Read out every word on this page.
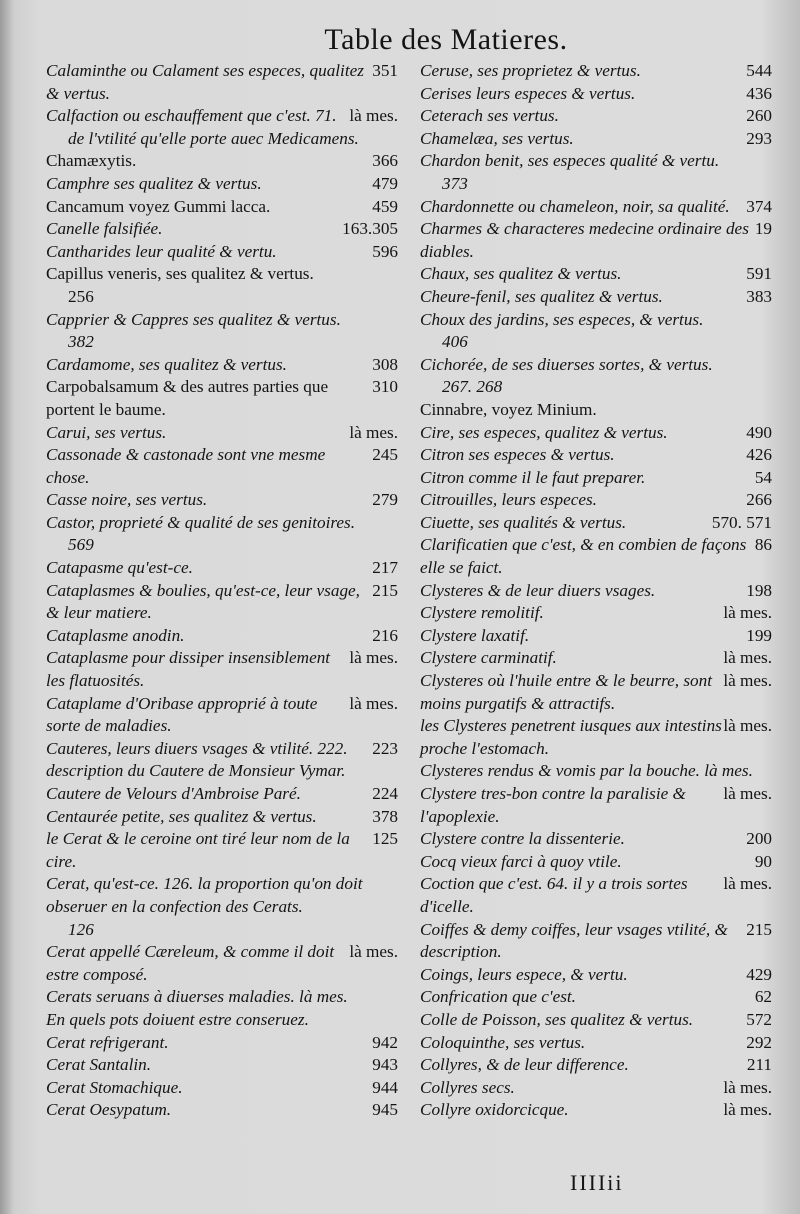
Table des Matieres.
351
Calaminthe ou Calament ses especes, qualitez & vertus.
là mes.
Calfaction ou eschauffement que c'est. 71.
de l'vtilité qu'elle porte auec Medicamens.
366
Chamæxytis.
479
Camphre ses qualitez & vertus.
459
Cancamum voyez Gummi lacca.
163.305
Canelle falsifiée.
596
Cantharides leur qualité & vertu.
Capillus veneris, ses qualitez & vertus.
256
Capprier & Cappres ses qualitez & vertus.
382
308
Cardamome, ses qualitez & vertus.
310
Carpobalsamum & des autres parties que portent le baume.
là mes.
Carui, ses vertus.
245
Cassonade & castonade sont vne mesme chose.
279
Casse noire, ses vertus.
Castor, proprieté & qualité de ses genitoires.
569
217
Catapasme qu'est-ce.
215
Cataplasmes & boulies, qu'est-ce, leur vsage, & leur matiere.
216
Cataplasme anodin.
là mes.
Cataplasme pour dissiper insensiblement les flatuosités.
là mes.
Cataplame d'Oribase approprié à toute sorte de maladies.
223
Cauteres, leurs diuers vsages & vtilité. 222. description du Cautere de Monsieur Vymar.
224
Cautere de Velours d'Ambroise Paré.
378
Centaurée petite, ses qualitez & vertus.
125
le Cerat & le ceroine ont tiré leur nom de la cire.
Cerat, qu'est-ce. 126. la proportion qu'on doit obseruer en la confection des Cerats.
126
là mes.
Cerat appellé Cæreleum, & comme il doit estre composé.
Cerats seruans à diuerses maladies. là mes.
En quels pots doiuent estre conseruez.
942
Cerat refrigerant.
943
Cerat Santalin.
944
Cerat Stomachique.
945
Cerat Oesypatum.
544
Ceruse, ses proprietez & vertus.
436
Cerises leurs especes & vertus.
260
Ceterach ses vertus.
293
Chamelæa, ses vertus.
Chardon benit, ses especes qualité & vertu.
373
374
Chardonnette ou chameleon, noir, sa qualité.
19
Charmes & characteres medecine ordinaire des diables.
591
Chaux, ses qualitez & vertus.
383
Cheure-fenil, ses qualitez & vertus.
Choux des jardins, ses especes, & vertus.
406
Cichorée, de ses diuerses sortes, & vertus.
267. 268
Cinnabre, voyez Minium.
490
Cire, ses especes, qualitez & vertus.
426
Citron ses especes & vertus.
54
Citron comme il le faut preparer.
266
Citrouilles, leurs especes.
570. 571
Ciuette, ses qualités & vertus.
86
Clarificatien que c'est, & en combien de façons elle se faict.
198
Clysteres & de leur diuers vsages.
là mes.
Clystere remolitif.
199
Clystere laxatif.
là mes.
Clystere carminatif.
là mes.
Clysteres où l'huile entre & le beurre, sont moins purgatifs & attractifs.
là mes.
les Clysteres penetrent iusques aux intestins proche l'estomach.
Clysteres rendus & vomis par la bouche. là mes.
là mes.
Clystere tres-bon contre la paralisie & l'apoplexie.
200
Clystere contre la dissenterie.
90
Cocq vieux farci à quoy vtile.
là mes.
Coction que c'est. 64. il y a trois sortes d'icelle.
215
Coiffes & demy coiffes, leur vsages vtilité, & description.
429
Coings, leurs espece, & vertu.
62
Confrication que c'est.
572
Colle de Poisson, ses qualitez & vertus.
292
Coloquinthe, ses vertus.
211
Collyres, & de leur difference.
là mes.
Collyres secs.
là mes.
Collyre oxidorcicque.
IIIIii
